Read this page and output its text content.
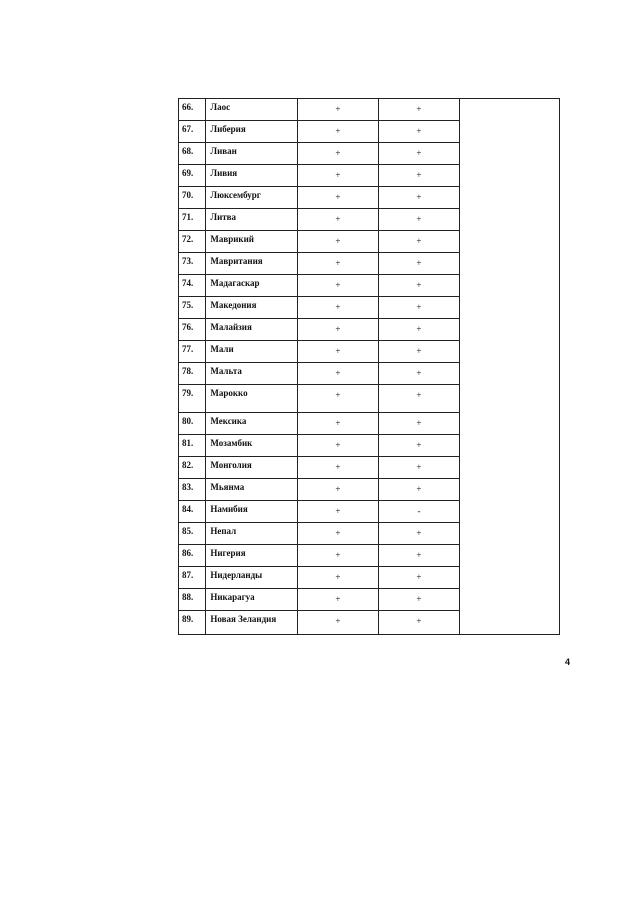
66.	Лаос	+	+	
67.	Либерия	+	+	
68.	Ливан	+	+	
69.	Ливия	+	+	
70.	Люксембург	+	+	
71.	Литва	+	+	
72.	Маврикий	+	+	
73.	Мавритания	+	+	
74.	Мадагаскар	+	+	
75.	Македония	+	+	
76.	Малайзия	+	+	
77.	Мали	+	+	
78.	Мальта	+	+	
79.	Марокко	+	+	
80.	Мексика	+	+	
81.	Мозамбик	+	+	
82.	Монголия	+	+	
83.	Мьянма	+	+	
84.	Намибия	+	-	
85.	Непал	+	+	
86.	Нигерия	+	+	
87.	Нидерланды	+	+	
88.	Никарагуа	+	+	
89.	Новая Зеландия	+	+	
4
